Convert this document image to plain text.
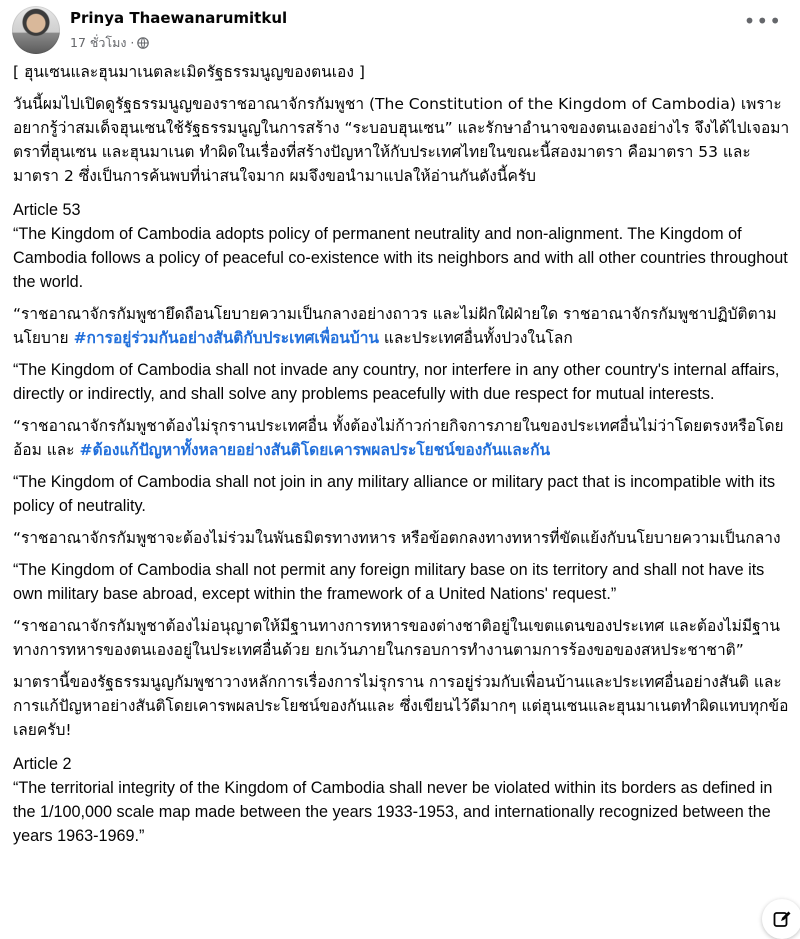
Prinya Thaewanarumitkul
17 ชั่วโมง ·
•••

[ ฮุนเซนและฮุนมาเนตละเมิดรัฐธรรมนูญของตนเอง ]

วันนี้ผมไปเปิดดูรัฐธรรมนูญของราชอาณาจักรกัมพูชา (The Constitution of the Kingdom of Cambodia) เพราะอยากรู้ว่าสมเด็จฮุนเซนใช้รัฐธรรมนูญในการสร้าง “ระบอบฮุนเซน” และรักษาอำนาจของตนเองอย่างไร จึงได้ไปเจอมาตราที่ฮุนเซน และฮุนมาเนต ทำผิดในเรื่องที่สร้างปัญหาให้กับประเทศไทยในขณะนี้สองมาตรา คือมาตรา 53 และมาตรา 2 ซึ่งเป็นการค้นพบที่น่าสนใจมาก ผมจึงขอนำมาแปลให้อ่านกันดังนี้ครับ

Article 53

“The Kingdom of Cambodia adopts policy of permanent neutrality and non-alignment. The Kingdom of Cambodia follows a policy of peaceful co-existence with its neighbors and with all other countries throughout the world.

“ราชอาณาจักรกัมพูชายึดถือนโยบายความเป็นกลางอย่างถาวร และไม่ฝักใฝ่ฝ่ายใด ราชอาณาจักรกัมพูชาปฏิบัติตามนโยบาย #การอยู่ร่วมกันอย่างสันติกับประเทศเพื่อนบ้าน และประเทศอื่นทั้งปวงในโลก

“The Kingdom of Cambodia shall not invade any country, nor interfere in any other country's internal affairs, directly or indirectly, and shall solve any problems peacefully with due respect for mutual interests.

“ราชอาณาจักรกัมพูชาต้องไม่รุกรานประเทศอื่น ทั้งต้องไม่ก้าวก่ายกิจการภายในของประเทศอื่นไม่ว่าโดยตรงหรือโดยอ้อม และ #ต้องแก้ปัญหาทั้งหลายอย่างสันติโดยเคารพผลประโยชน์ของกันและกัน

“The Kingdom of Cambodia shall not join in any military alliance or military pact that is incompatible with its policy of neutrality.

“ราชอาณาจักรกัมพูชาจะต้องไม่ร่วมในพันธมิตรทางทหาร หรือข้อตกลงทางทหารที่ขัดแย้งกับนโยบายความเป็นกลาง

“The Kingdom of Cambodia shall not permit any foreign military base on its territory and shall not have its own military base abroad, except within the framework of a United Nations' request.”

“ราชอาณาจักรกัมพูชาต้องไม่อนุญาตให้มีฐานทางการทหารของต่างชาติอยู่ในเขตแดนของประเทศ และต้องไม่มีฐานทางการทหารของตนเองอยู่ในประเทศอื่นด้วย ยกเว้นภายในกรอบการทำงานตามการร้องขอของสหประชาชาติ”

มาตรานี้ของรัฐธรรมนูญกัมพูชาวางหลักการเรื่องการไม่รุกราน การอยู่ร่วมกับเพื่อนบ้านและประเทศอื่นอย่างสันติ และการแก้ปัญหาอย่างสันติโดยเคารพผลประโยชน์ของกันและ ซึ่งเขียนไว้ดีมากๆ แต่ฮุนเซนและฮุนมาเนตทำผิดแทบทุกข้อเลยครับ!

Article 2

“The territorial integrity of the Kingdom of Cambodia shall never be violated within its borders as defined in the 1/100,000 scale map made between the years 1933-1953, and internationally recognized between the years 1963-1969.”
